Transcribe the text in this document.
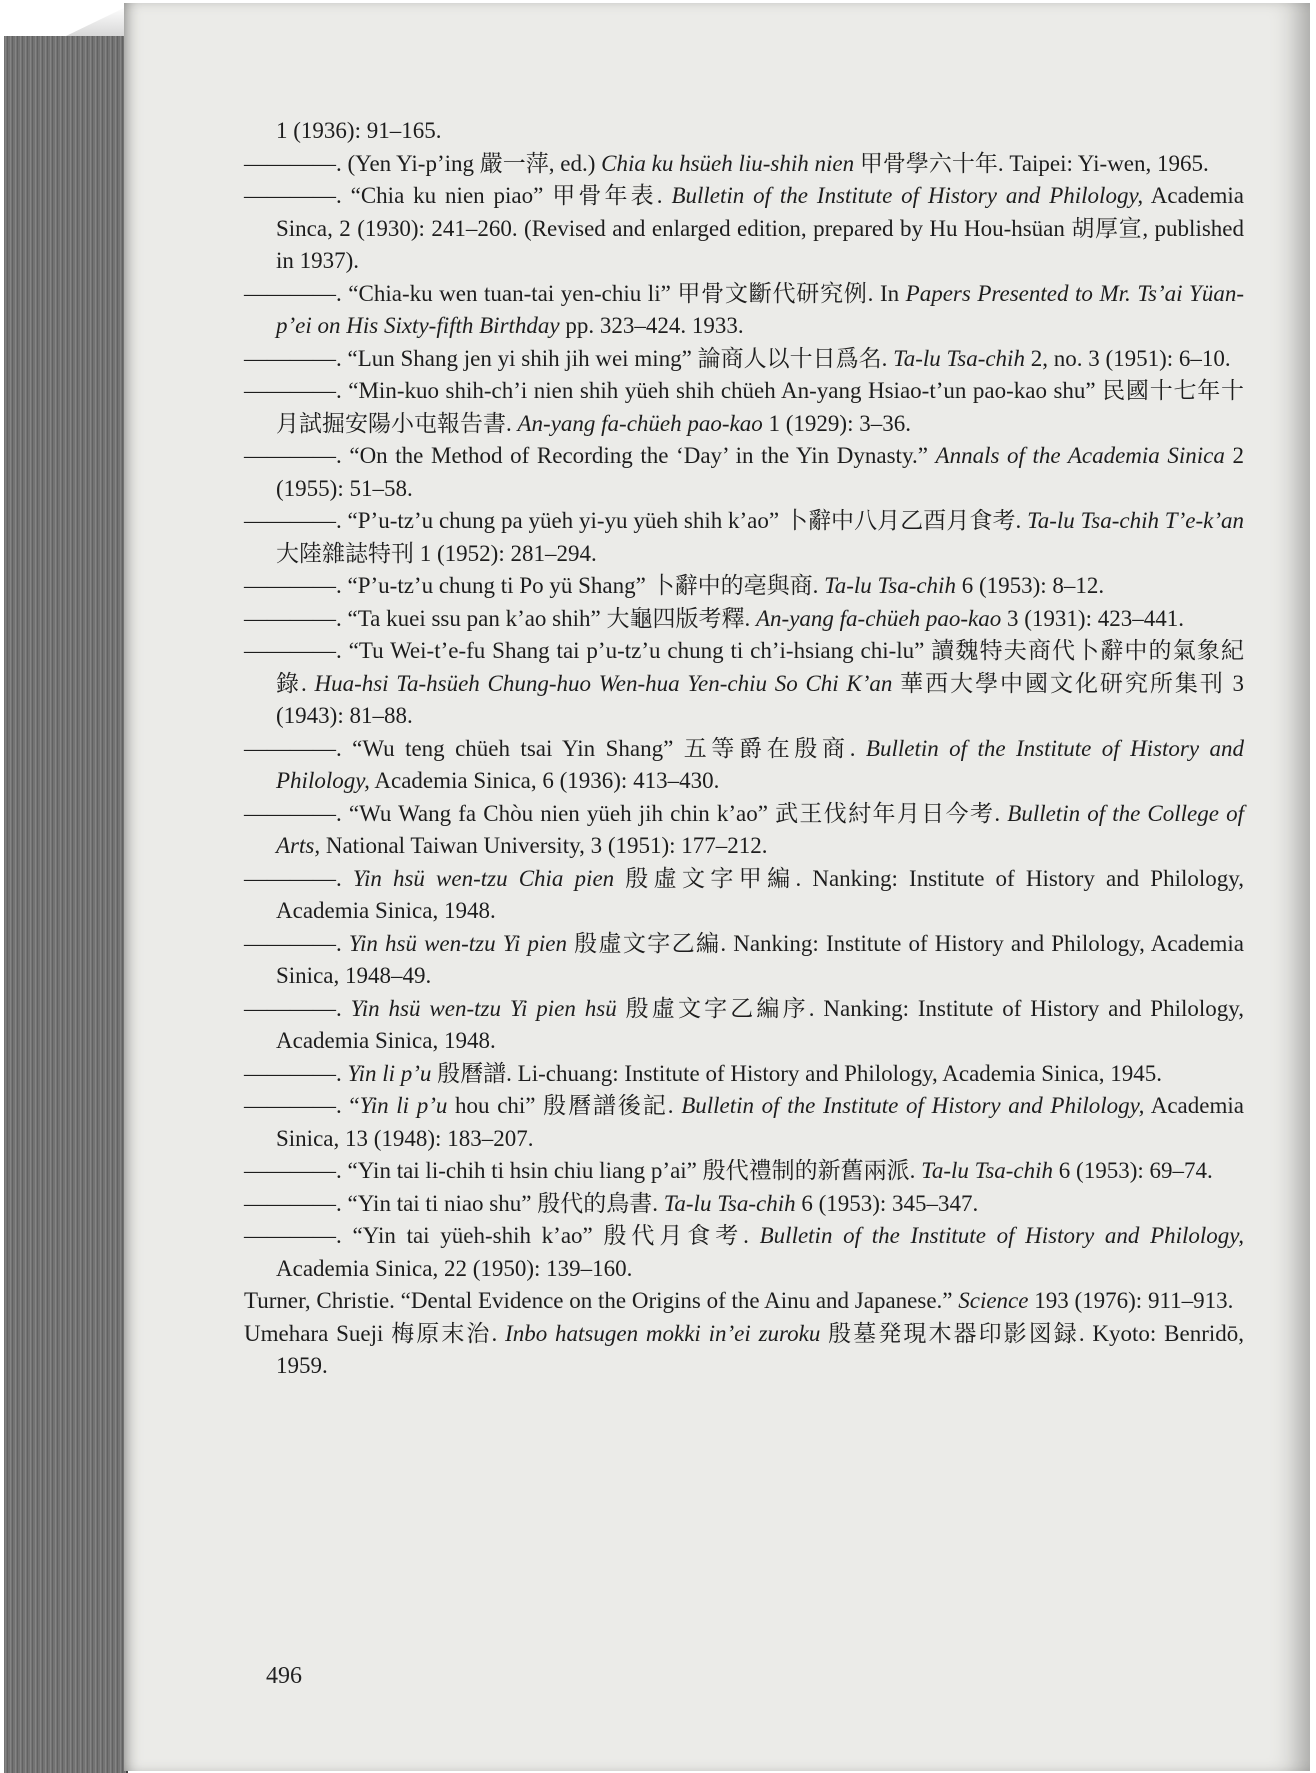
1 (1936): 91–165.

————. (Yen Yi-p’ing 嚴一萍, ed.) Chia ku hsüeh liu-shih nien 甲骨學六十年. Taipei: Yi-wen, 1965.

————. “Chia ku nien piao” 甲骨年表. Bulletin of the Institute of History and Philology, Academia Sinca, 2 (1930): 241–260. (Revised and enlarged edition, prepared by Hu Hou-hsüan 胡厚宣, published in 1937).

————. “Chia-ku wen tuan-tai yen-chiu li” 甲骨文斷代研究例. In Papers Presented to Mr. Ts’ai Yüan-p’ei on His Sixty-fifth Birthday pp. 323–424. 1933.

————. “Lun Shang jen yi shih jih wei ming” 論商人以十日爲名. Ta-lu Tsa-chih 2, no. 3 (1951): 6–10.

————. “Min-kuo shih-ch’i nien shih yüeh shih chüeh An-yang Hsiao-t’un pao-kao shu” 民國十七年十月試掘安陽小屯報告書. An-yang fa-chüeh pao-kao 1 (1929): 3–36.

————. “On the Method of Recording the ‘Day’ in the Yin Dynasty.” Annals of the Academia Sinica 2 (1955): 51–58.

————. “P’u-tz’u chung pa yüeh yi-yu yüeh shih k’ao” 卜辭中八月乙酉月食考. Ta-lu Tsa-chih T’e-k’an 大陸雜誌特刊 1 (1952): 281–294.

————. “P’u-tz’u chung ti Po yü Shang” 卜辭中的亳與商. Ta-lu Tsa-chih 6 (1953): 8–12.

————. “Ta kuei ssu pan k’ao shih” 大龜四版考釋. An-yang fa-chüeh pao-kao 3 (1931): 423–441.

————. “Tu Wei-t’e-fu Shang tai p’u-tz’u chung ti ch’i-hsiang chi-lu” 讀魏特夫商代卜辭中的氣象紀錄. Hua-hsi Ta-hsüeh Chung-huo Wen-hua Yen-chiu So Chi K’an 華西大學中國文化研究所集刊 3 (1943): 81–88.

————. “Wu teng chüeh tsai Yin Shang” 五等爵在殷商. Bulletin of the Institute of History and Philology, Academia Sinica, 6 (1936): 413–430.

————. “Wu Wang fa Chòu nien yüeh jih chin k’ao” 武王伐紂年月日今考. Bulletin of the College of Arts, National Taiwan University, 3 (1951): 177–212.

————. Yin hsü wen-tzu Chia pien 殷虛文字甲編. Nanking: Institute of History and Philology, Academia Sinica, 1948.

————. Yin hsü wen-tzu Yi pien 殷虛文字乙編. Nanking: Institute of History and Philology, Academia Sinica, 1948–49.

————. Yin hsü wen-tzu Yi pien hsü 殷虛文字乙編序. Nanking: Institute of History and Philology, Academia Sinica, 1948.

————. Yin li p’u 殷曆譜. Li-chuang: Institute of History and Philology, Academia Sinica, 1945.

————. “Yin li p’u hou chi” 殷曆譜後記. Bulletin of the Institute of History and Philology, Academia Sinica, 13 (1948): 183–207.

————. “Yin tai li-chih ti hsin chiu liang p’ai” 殷代禮制的新舊兩派. Ta-lu Tsa-chih 6 (1953): 69–74.

————. “Yin tai ti niao shu” 殷代的鳥書. Ta-lu Tsa-chih 6 (1953): 345–347.

————. “Yin tai yüeh-shih k’ao” 殷代月食考. Bulletin of the Institute of History and Philology, Academia Sinica, 22 (1950): 139–160.

Turner, Christie. “Dental Evidence on the Origins of the Ainu and Japanese.” Science 193 (1976): 911–913.

Umehara Sueji 梅原末治. Inbo hatsugen mokki in’ei zuroku 殷墓発現木器印影図録. Kyoto: Benridō, 1959.

496
